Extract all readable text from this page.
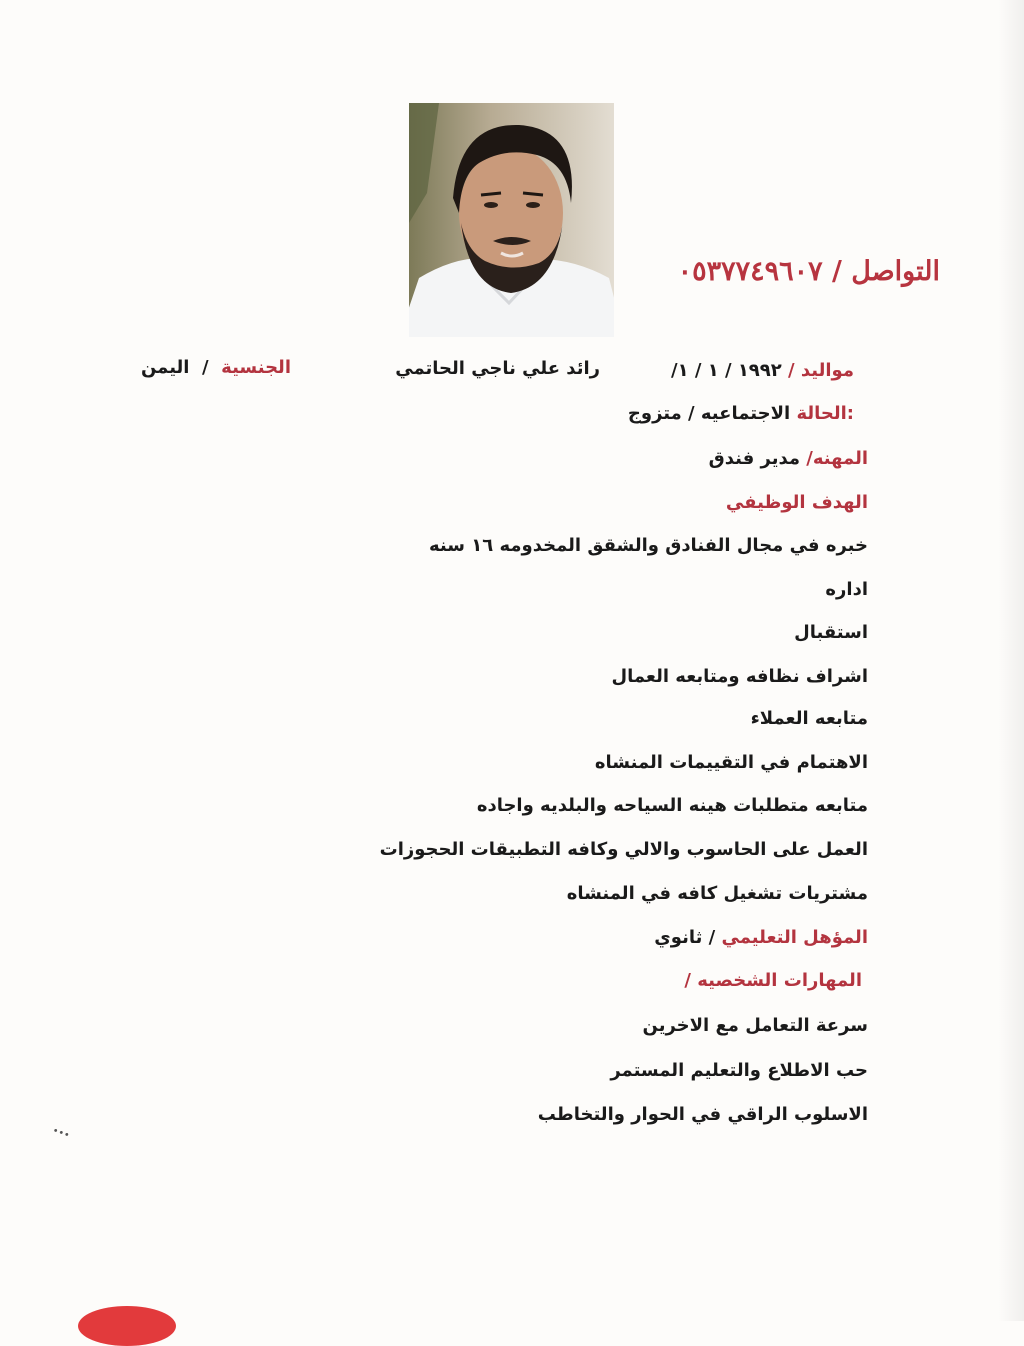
التواصل / ٠٥٣٧٧٤٩٦٠٧
مواليد / ١٩٩٢ / ١ / ١/
رائد علي ناجي الحاتمي
الجنسية  /  اليمن
:الحالة الاجتماعيه / متزوج
المهنه/ مدير فندق
الهدف الوظيفي
خبره في مجال الفنادق والشقق المخدومه ١٦ سنه
اداره
استقبال
اشراف نظافه ومتابعه العمال
متابعه العملاء
الاهتمام في التقييمات المنشاه
متابعه متطلبات هينه السياحه والبلديه واجاده
العمل على الحاسوب والالي وكافه التطبيقات الحجوزات
مشتريات تشغيل كافه في المنشاه
المؤهل التعليمي / ثانوي
المهارات الشخصيه /
سرعة التعامل مع الاخرين
حب الاطلاع والتعليم المستمر
الاسلوب الراقي في الحوار والتخاطب
•••
